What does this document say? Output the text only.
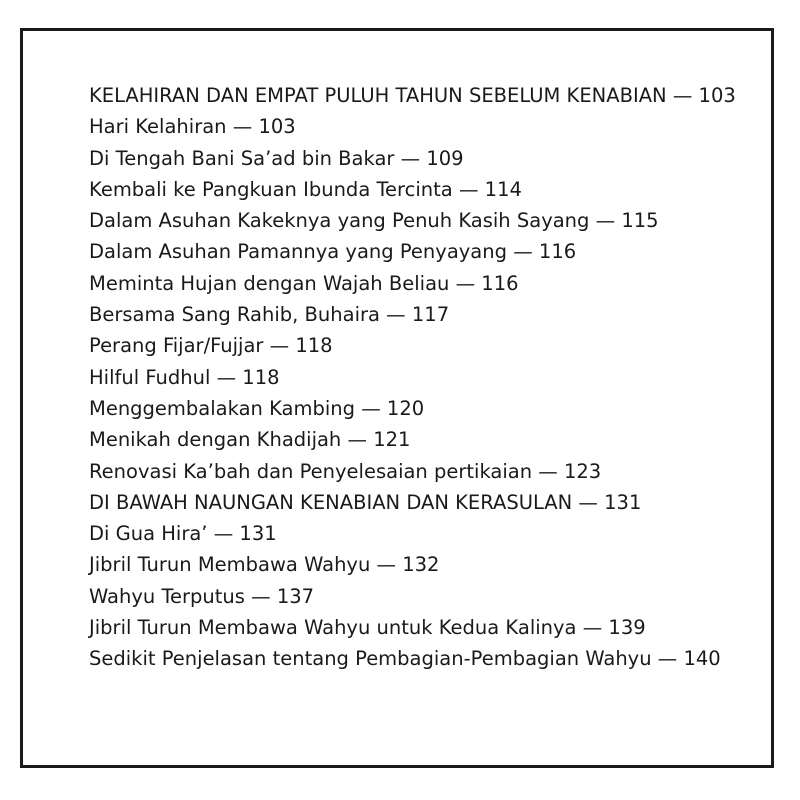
KELAHIRAN DAN EMPAT PULUH TAHUN SEBELUM KENABIAN — 103
Hari Kelahiran — 103
Di Tengah Bani Sa’ad bin Bakar — 109
Kembali ke Pangkuan Ibunda Tercinta — 114
Dalam Asuhan Kakeknya yang Penuh Kasih Sayang — 115
Dalam Asuhan Pamannya yang Penyayang — 116
Meminta Hujan dengan Wajah Beliau — 116
Bersama Sang Rahib, Buhaira — 117
Perang Fijar/Fujjar — 118
Hilful Fudhul — 118
Menggembalakan Kambing — 120
Menikah dengan Khadijah — 121
Renovasi Ka’bah dan Penyelesaian pertikaian — 123
DI BAWAH NAUNGAN KENABIAN DAN KERASULAN — 131
Di Gua Hira’ — 131
Jibril Turun Membawa Wahyu — 132
Wahyu Terputus — 137
Jibril Turun Membawa Wahyu untuk Kedua Kalinya — 139
Sedikit Penjelasan tentang Pembagian-Pembagian Wahyu — 140
